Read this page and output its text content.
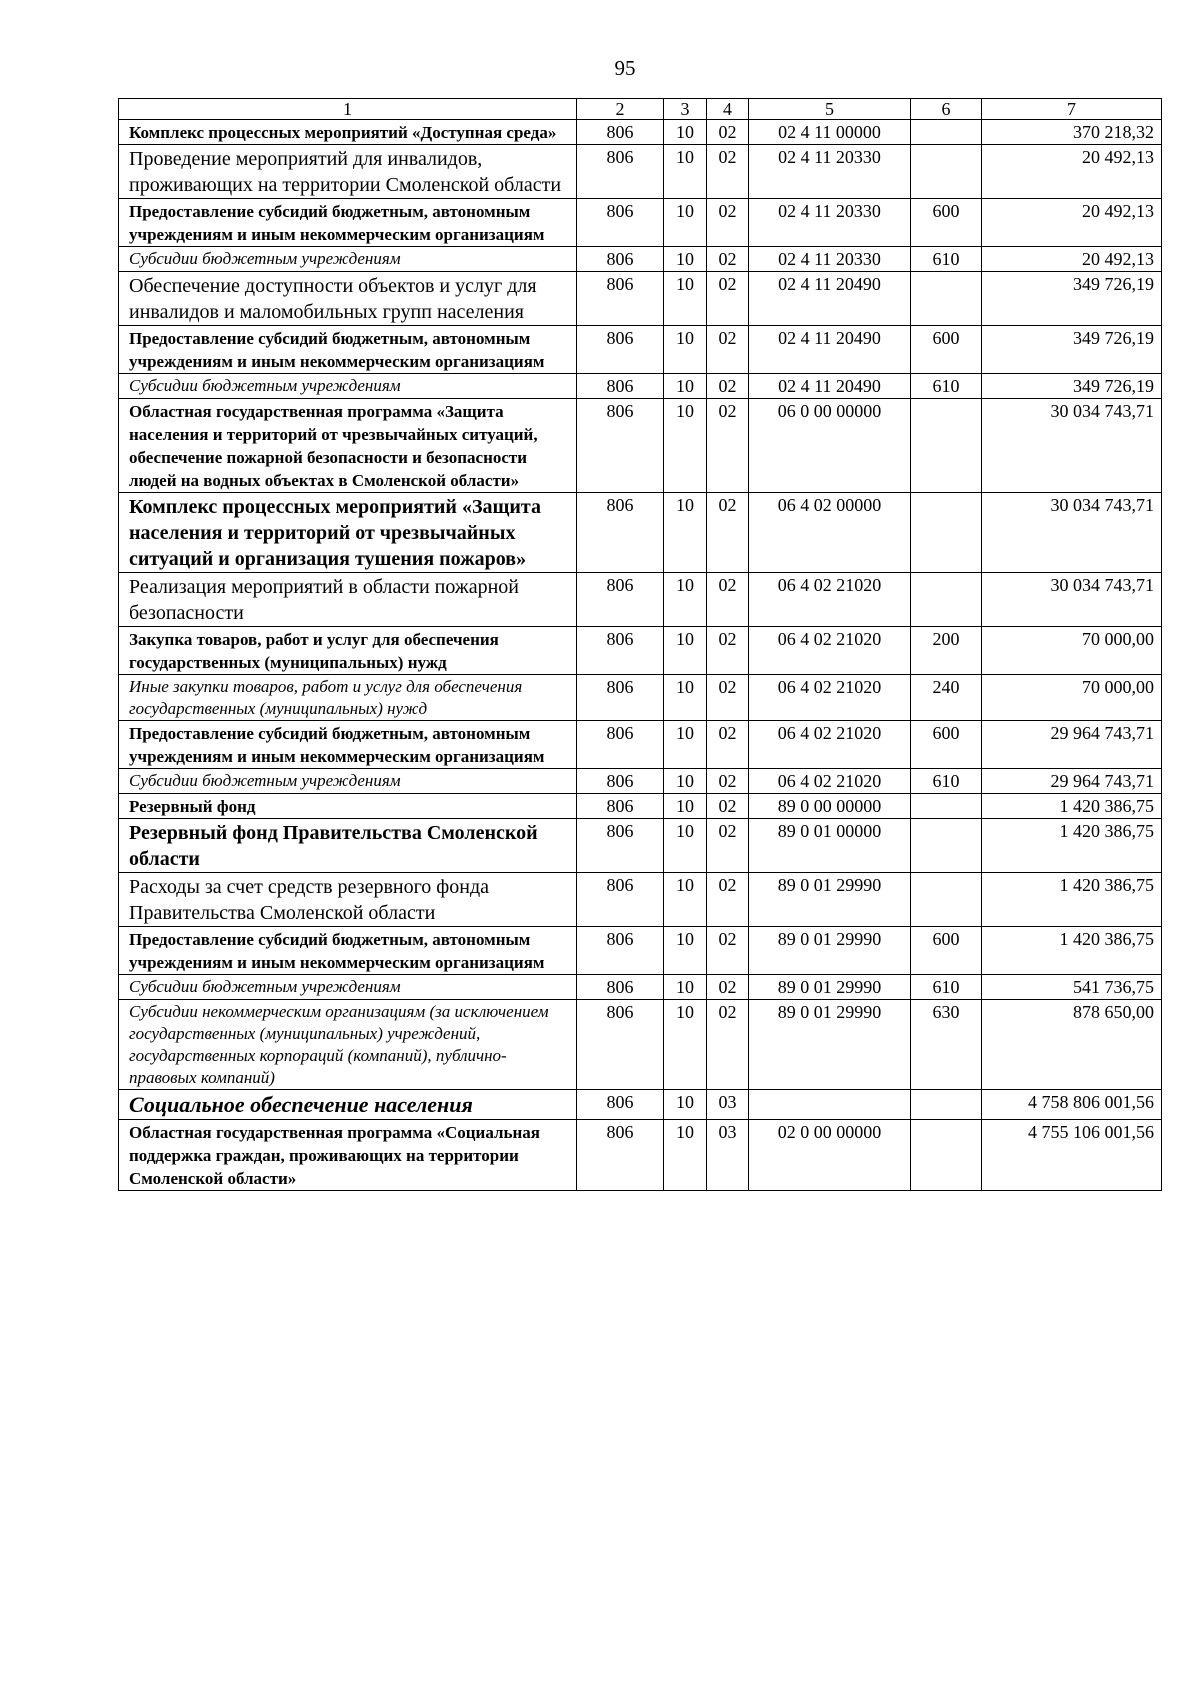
95
1	2	3	4	5	6	7
Комплекс процессных мероприятий «Доступная среда»	806	10	02	02 4 11 00000		370 218,32
Проведение мероприятий для инвалидов, проживающих на территории Смоленской области	806	10	02	02 4 11 20330		20 492,13
Предоставление субсидий бюджетным, автономным учреждениям и иным некоммерческим организациям	806	10	02	02 4 11 20330	600	20 492,13
Субсидии бюджетным учреждениям	806	10	02	02 4 11 20330	610	20 492,13
Обеспечение доступности объектов и услуг для инвалидов и маломобильных групп населения	806	10	02	02 4 11 20490		349 726,19
Предоставление субсидий бюджетным, автономным учреждениям и иным некоммерческим организациям	806	10	02	02 4 11 20490	600	349 726,19
Субсидии бюджетным учреждениям	806	10	02	02 4 11 20490	610	349 726,19
Областная государственная программа «Защита населения и территорий от чрезвычайных ситуаций, обеспечение пожарной безопасности и безопасности людей на водных объектах в Смоленской области»	806	10	02	06 0 00 00000		30 034 743,71
Комплекс процессных мероприятий «Защита населения и территорий от чрезвычайных ситуаций и организация тушения пожаров»	806	10	02	06 4 02 00000		30 034 743,71
Реализация мероприятий в области пожарной безопасности	806	10	02	06 4 02 21020		30 034 743,71
Закупка товаров, работ и услуг для обеспечения государственных (муниципальных) нужд	806	10	02	06 4 02 21020	200	70 000,00
Иные закупки товаров, работ и услуг для обеспечения государственных (муниципальных) нужд	806	10	02	06 4 02 21020	240	70 000,00
Предоставление субсидий бюджетным, автономным учреждениям и иным некоммерческим организациям	806	10	02	06 4 02 21020	600	29 964 743,71
Субсидии бюджетным учреждениям	806	10	02	06 4 02 21020	610	29 964 743,71
Резервный фонд	806	10	02	89 0 00 00000		1 420 386,75
Резервный фонд Правительства Смоленской области	806	10	02	89 0 01 00000		1 420 386,75
Расходы за счет средств резервного фонда Правительства Смоленской области	806	10	02	89 0 01 29990		1 420 386,75
Предоставление субсидий бюджетным, автономным учреждениям и иным некоммерческим организациям	806	10	02	89 0 01 29990	600	1 420 386,75
Субсидии бюджетным учреждениям	806	10	02	89 0 01 29990	610	541 736,75
Субсидии некоммерческим организациям (за исключением государственных (муниципальных) учреждений, государственных корпораций (компаний), публично-правовых компаний)	806	10	02	89 0 01 29990	630	878 650,00
Социальное обеспечение населения	806	10	03			4 758 806 001,56
Областная государственная программа «Социальная поддержка граждан, проживающих на территории Смоленской области»	806	10	03	02 0 00 00000		4 755 106 001,56
